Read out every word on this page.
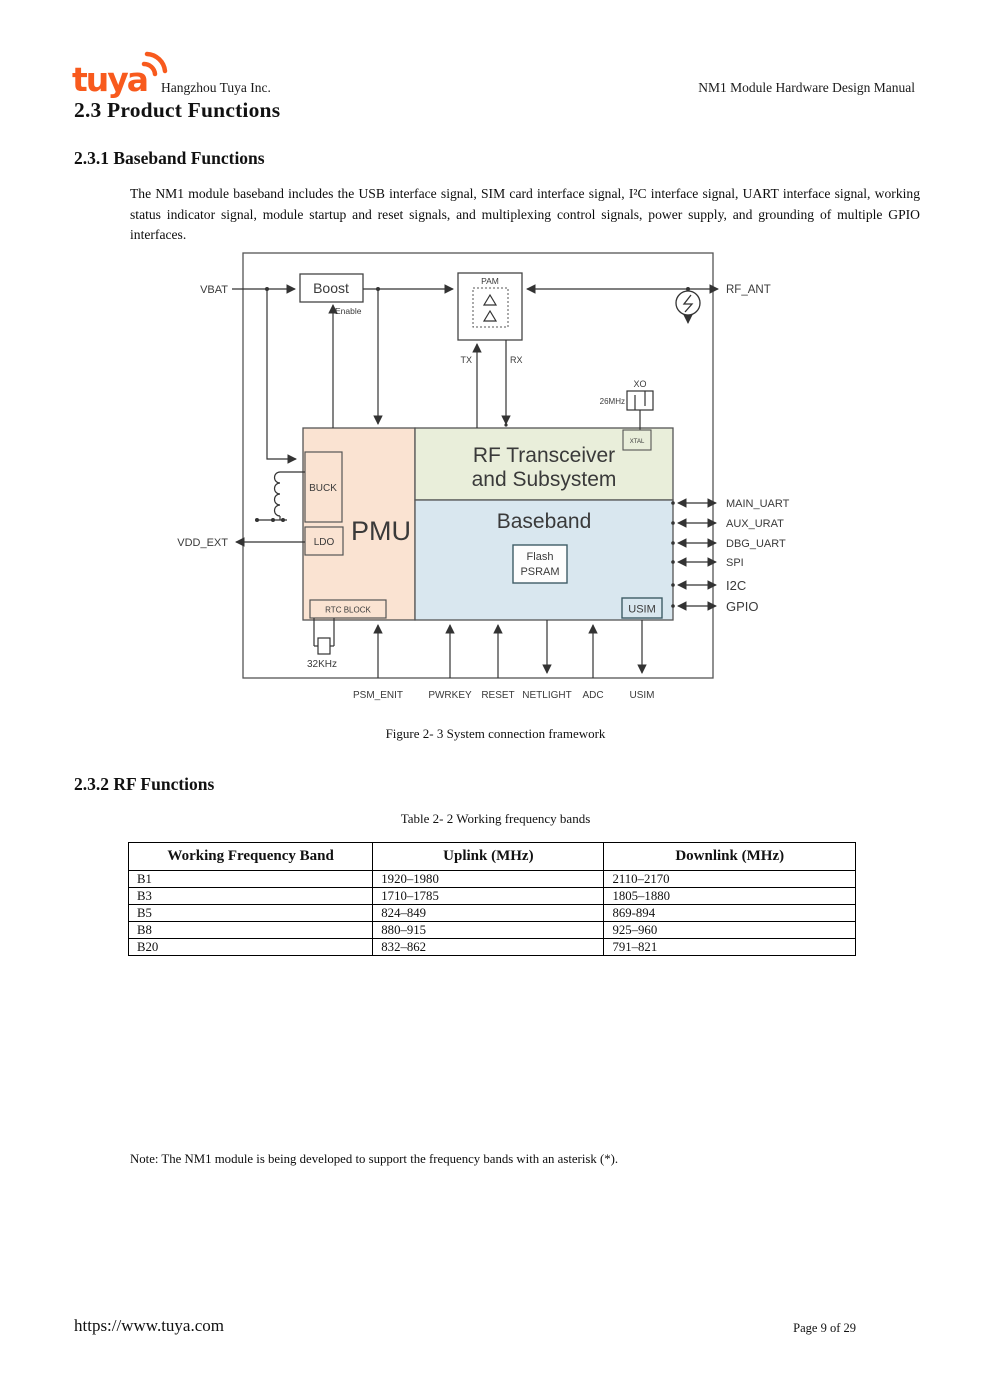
tuya Hangzhou Tuya Inc.	NM1 Module Hardware Design Manual
2.3 Product Functions
2.3.1 Baseband Functions
The NM1 module baseband includes the USB interface signal, SIM card interface signal, I²C interface signal, UART interface signal, working status indicator signal, module startup and reset signals, and multiplexing control signals, power supply, and grounding of multiple GPIO interfaces.
PMU
RF Transceiver
and Subsystem
Baseband
BUCK
LDO
RTC BLOCK
Flash
PSRAM
USIM
Boost	PAM
XTAL
VBAT
Enable
RF_ANT
TX	RX
XO
26MHz
VDD_EXT
32KHz
PSM_ENIT	PWRKEY RESET NETLIGHT ADC	USIM
MAIN_UART
AUX_URAT
DBG_UART
SPI
I2C
GPIO
Figure 2- 3 System connection framework
2.3.2 RF Functions
Table 2- 2 Working frequency bands
Working Frequency Band	Uplink (MHz)	Downlink (MHz)
B1	1920–1980	2110–2170
B3	1710–1785	1805–1880
B5	824–849	869-894
B8	880–915	925–960
B20	832–862	791–821
Note: The NM1 module is being developed to support the frequency bands with an asterisk (*).
https://www.tuya.com	Page 9 of 29
